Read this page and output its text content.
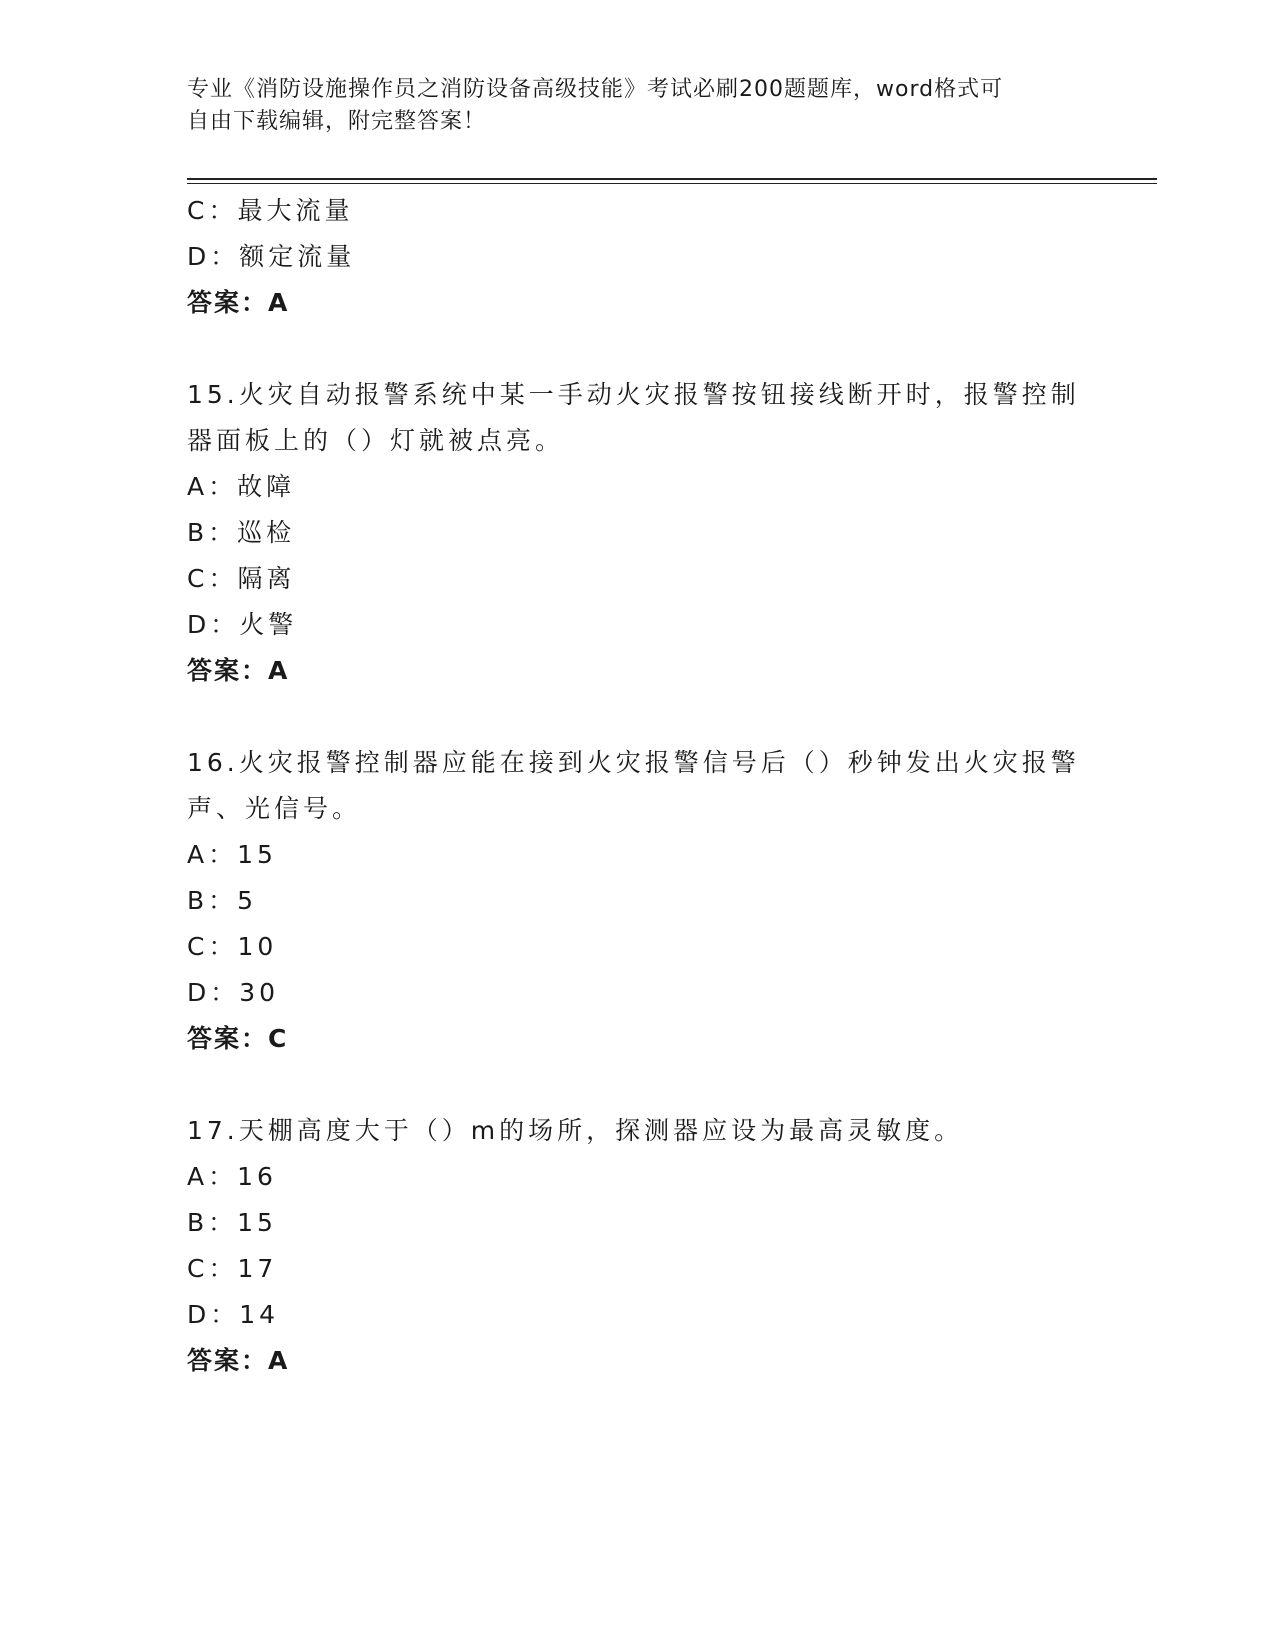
专业《消防设施操作员之消防设备高级技能》考试必刷200题题库，word格式可
自由下载编辑，附完整答案！
C：最大流量
D：额定流量
答案：A
15.火灾自动报警系统中某一手动火灾报警按钮接线断开时，报警控制
器面板上的（）灯就被点亮。
A：故障
B：巡检
C：隔离
D：火警
答案：A
16.火灾报警控制器应能在接到火灾报警信号后（）秒钟发出火灾报警
声、光信号。
A：15
B：5
C：10
D：30
答案：C
17.天棚高度大于（）m的场所，探测器应设为最高灵敏度。
A：16
B：15
C：17
D：14
答案：A
